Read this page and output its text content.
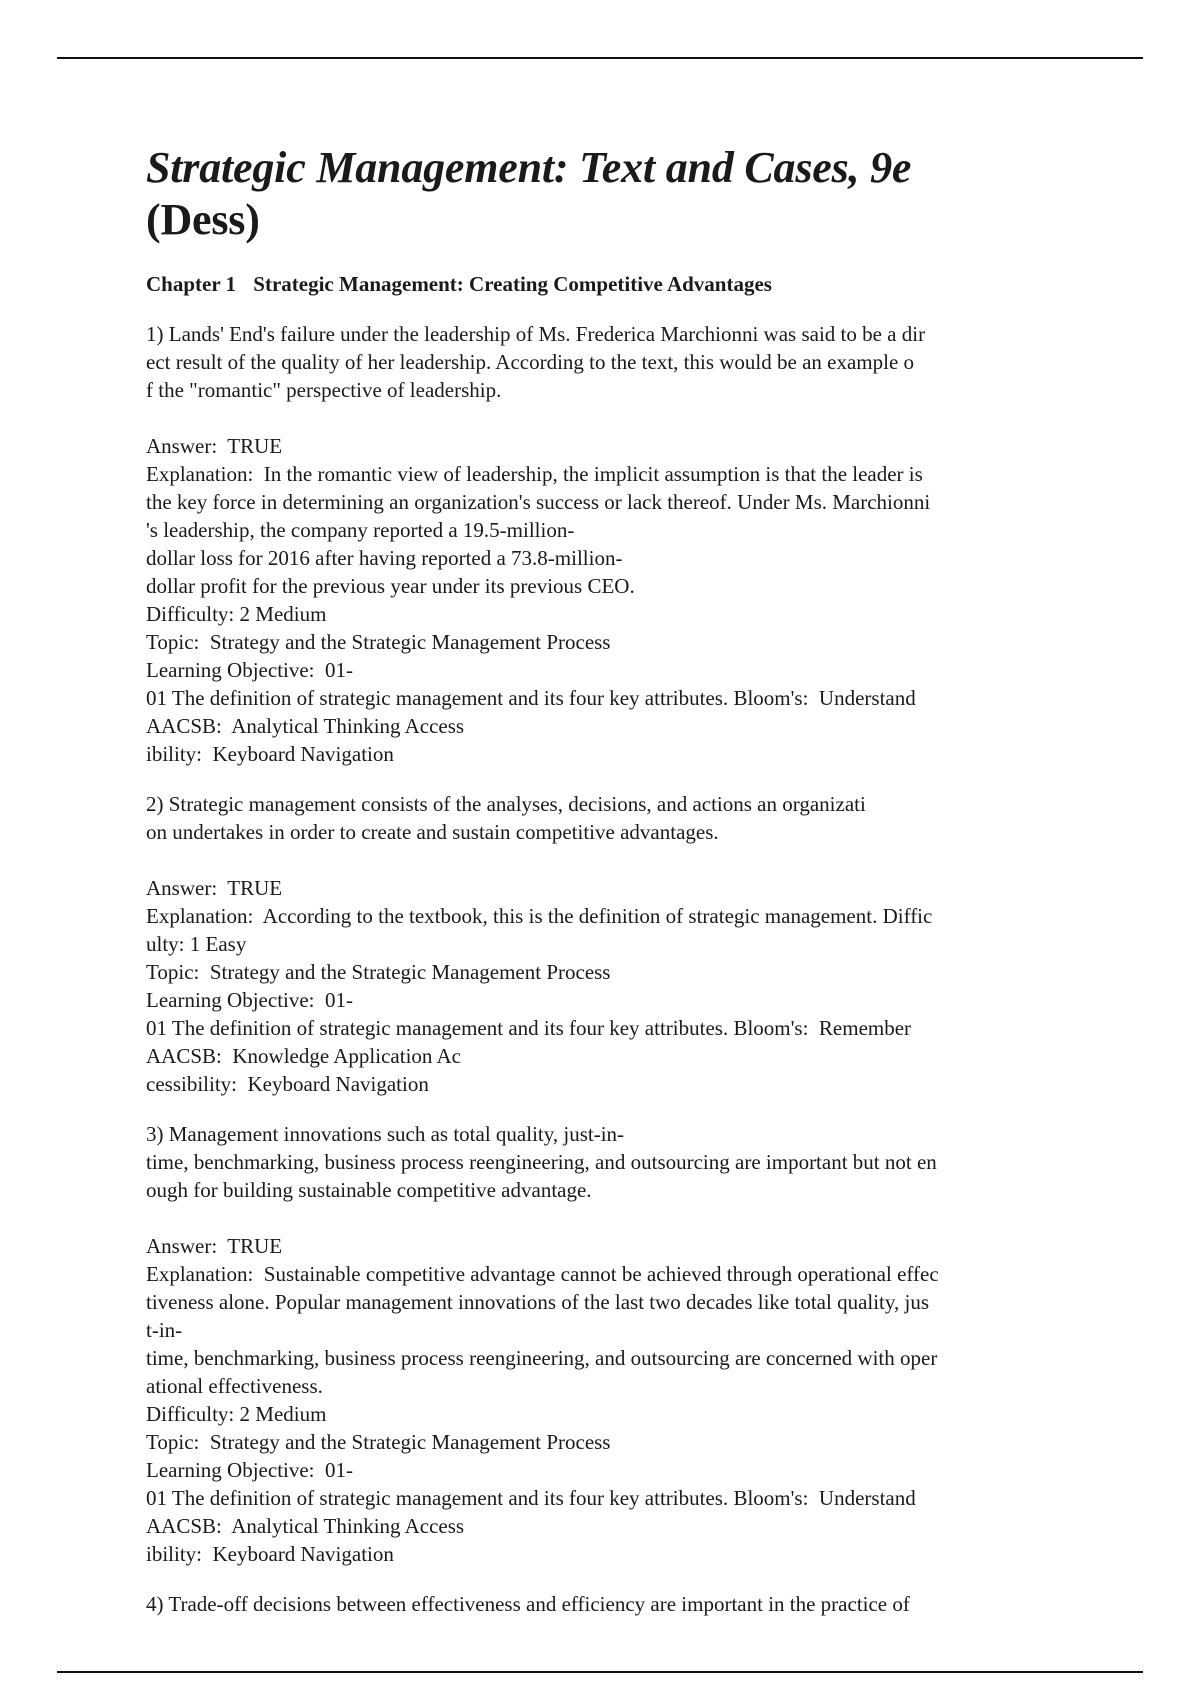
Strategic Management: Text and Cases, 9e
(Dess)
Chapter 1 Strategic Management: Creating Competitive Advantages
1) Lands' End's failure under the leadership of Ms. Frederica Marchionni was said to be a dir
ect result of the quality of her leadership. According to the text, this would be an example o
f the "romantic" perspective of leadership.
Answer:  TRUE
Explanation:  In the romantic view of leadership, the implicit assumption is that the leader is
the key force in determining an organization's success or lack thereof. Under Ms. Marchionni
's leadership, the company reported a 19.5-million-
dollar loss for 2016 after having reported a 73.8-million-
dollar profit for the previous year under its previous CEO.
Difficulty: 2 Medium
Topic:  Strategy and the Strategic Management Process
Learning Objective:  01-
01 The definition of strategic management and its four key attributes. Bloom's:  Understand
AACSB:  Analytical Thinking Access
ibility:  Keyboard Navigation
2) Strategic management consists of the analyses, decisions, and actions an organizati
on undertakes in order to create and sustain competitive advantages.
Answer:  TRUE
Explanation:  According to the textbook, this is the definition of strategic management. Diffic
ulty: 1 Easy
Topic:  Strategy and the Strategic Management Process
Learning Objective:  01-
01 The definition of strategic management and its four key attributes. Bloom's:  Remember
AACSB:  Knowledge Application Ac
cessibility:  Keyboard Navigation
3) Management innovations such as total quality, just-in-
time, benchmarking, business process reengineering, and outsourcing are important but not en
ough for building sustainable competitive advantage.
Answer:  TRUE
Explanation:  Sustainable competitive advantage cannot be achieved through operational effec
tiveness alone. Popular management innovations of the last two decades like total quality, jus
t-in-
time, benchmarking, business process reengineering, and outsourcing are concerned with oper
ational effectiveness.
Difficulty: 2 Medium
Topic:  Strategy and the Strategic Management Process
Learning Objective:  01-
01 The definition of strategic management and its four key attributes. Bloom's:  Understand
AACSB:  Analytical Thinking Access
ibility:  Keyboard Navigation
4) Trade-off decisions between effectiveness and efficiency are important in the practice of
